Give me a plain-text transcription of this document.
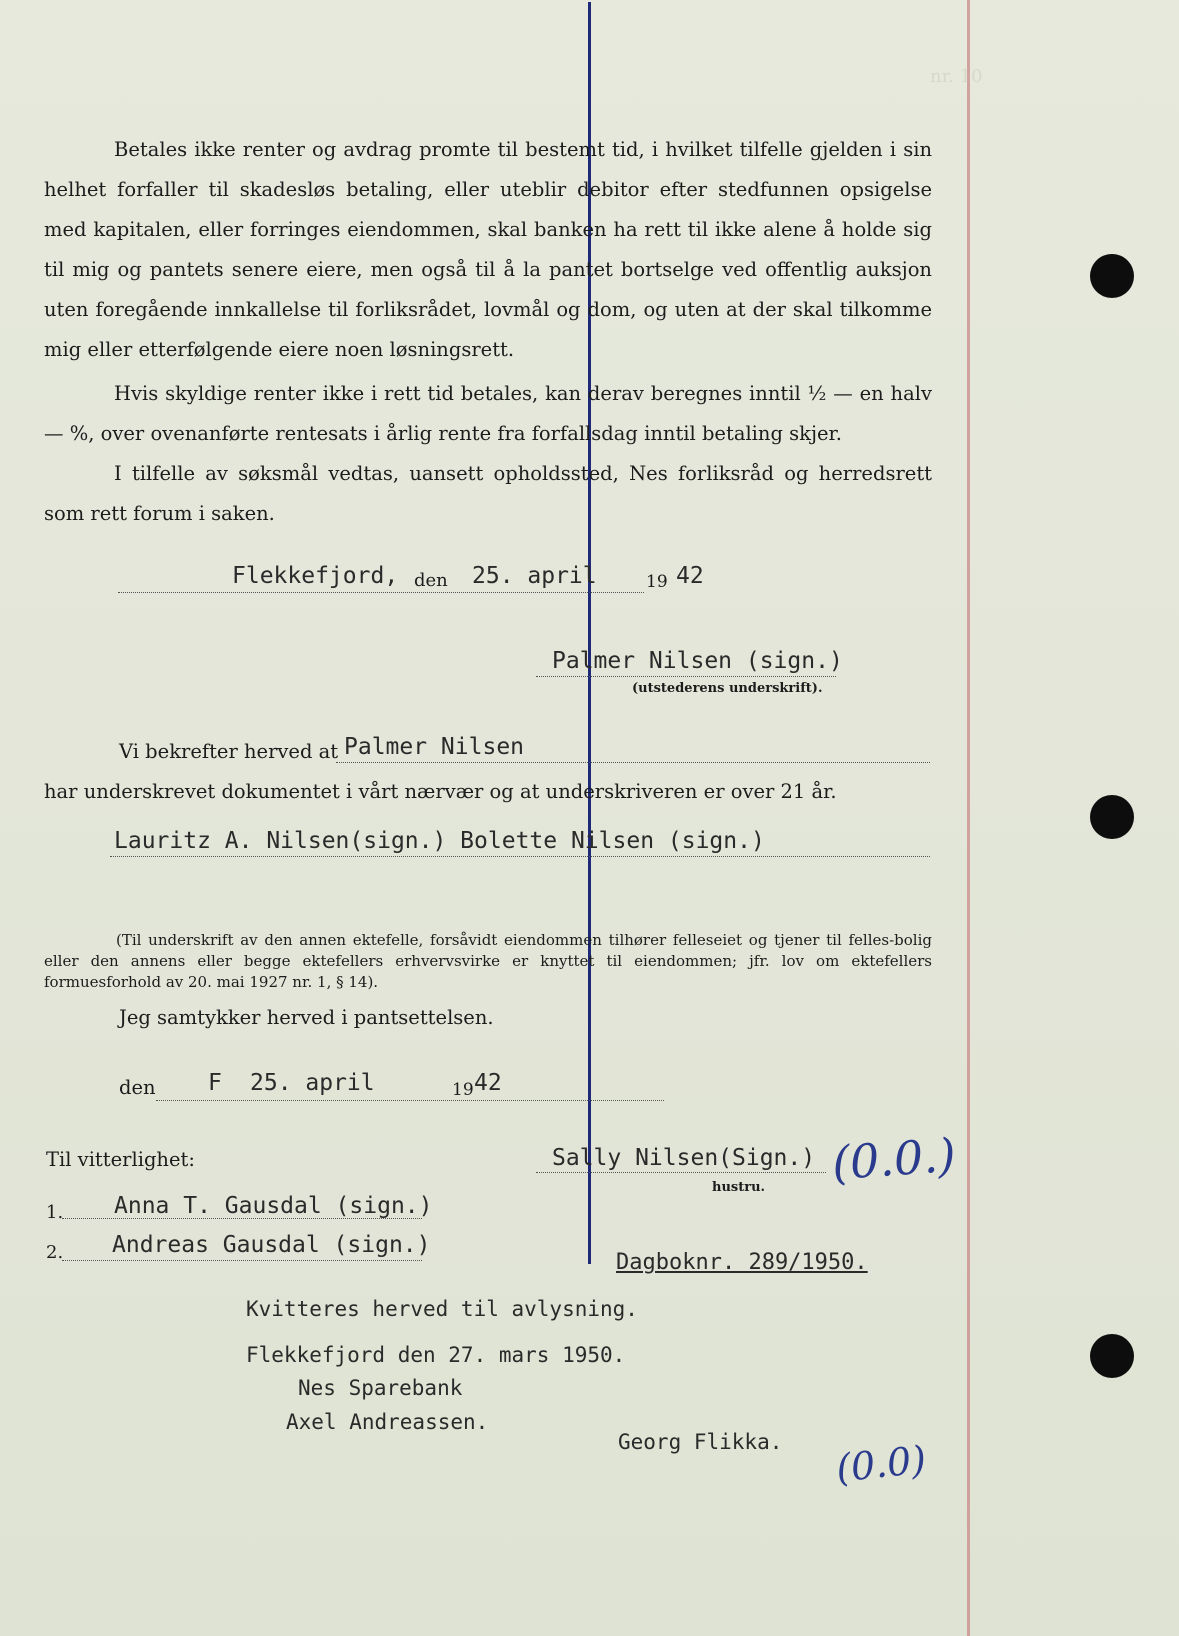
nr. 10
Betales ikke renter og avdrag promte til bestemt tid, i hvilket tilfelle gjelden i sin helhet forfaller til skadesløs betaling, eller uteblir debitor efter stedfunnen opsigelse med kapitalen, eller forringes eiendommen, skal banken ha rett til ikke alene å holde sig til mig og pantets senere eiere, men også til å la pantet bortselge ved offentlig auksjon uten foregående innkallelse til forliksrådet, lovmål og dom, og uten at der skal tilkomme mig eller etterfølgende eiere noen løsningsrett.
Hvis skyldige renter ikke i rett tid betales, kan derav beregnes inntil ½ — en halv — %, over ovenanførte rentesats i årlig rente fra forfallsdag inntil betaling skjer.
I tilfelle av søksmål vedtas, uansett opholdssted, Nes forliksråd og herredsrett som rett forum i saken.
Flekkefjord, den 25. april	19 42
Palmer Nilsen (sign.)
(utstederens underskrift).
Vi bekrefter herved at Palmer Nilsen
har underskrevet dokumentet i vårt nærvær og at underskriveren er over 21 år.
Lauritz A. Nilsen(sign.) Bolette Nilsen (sign.)
(Til underskrift av den annen ektefelle, forsåvidt eiendommen tilhører felleseiet og tjener til felles-bolig eller den annens eller begge ektefellers erhvervsvirke er knyttet til eiendommen; jfr. lov om ektefellers formuesforhold av 20. mai 1927 nr. 1, § 14).
Jeg samtykker herved i pantsettelsen.
den F 25. april	19 42
Til vitterlighet:
1. Anna T. Gausdal (sign.)
2. Andreas Gausdal (sign.)
Sally Nilsen(Sign.)
hustru.
Dagboknr. 289/1950.
Kvitteres herved til avlysning.
Flekkefjord den 27. mars 1950.
Nes Sparebank
Axel Andreassen.
Georg Flikka.
(0.0.)
(0.0)
